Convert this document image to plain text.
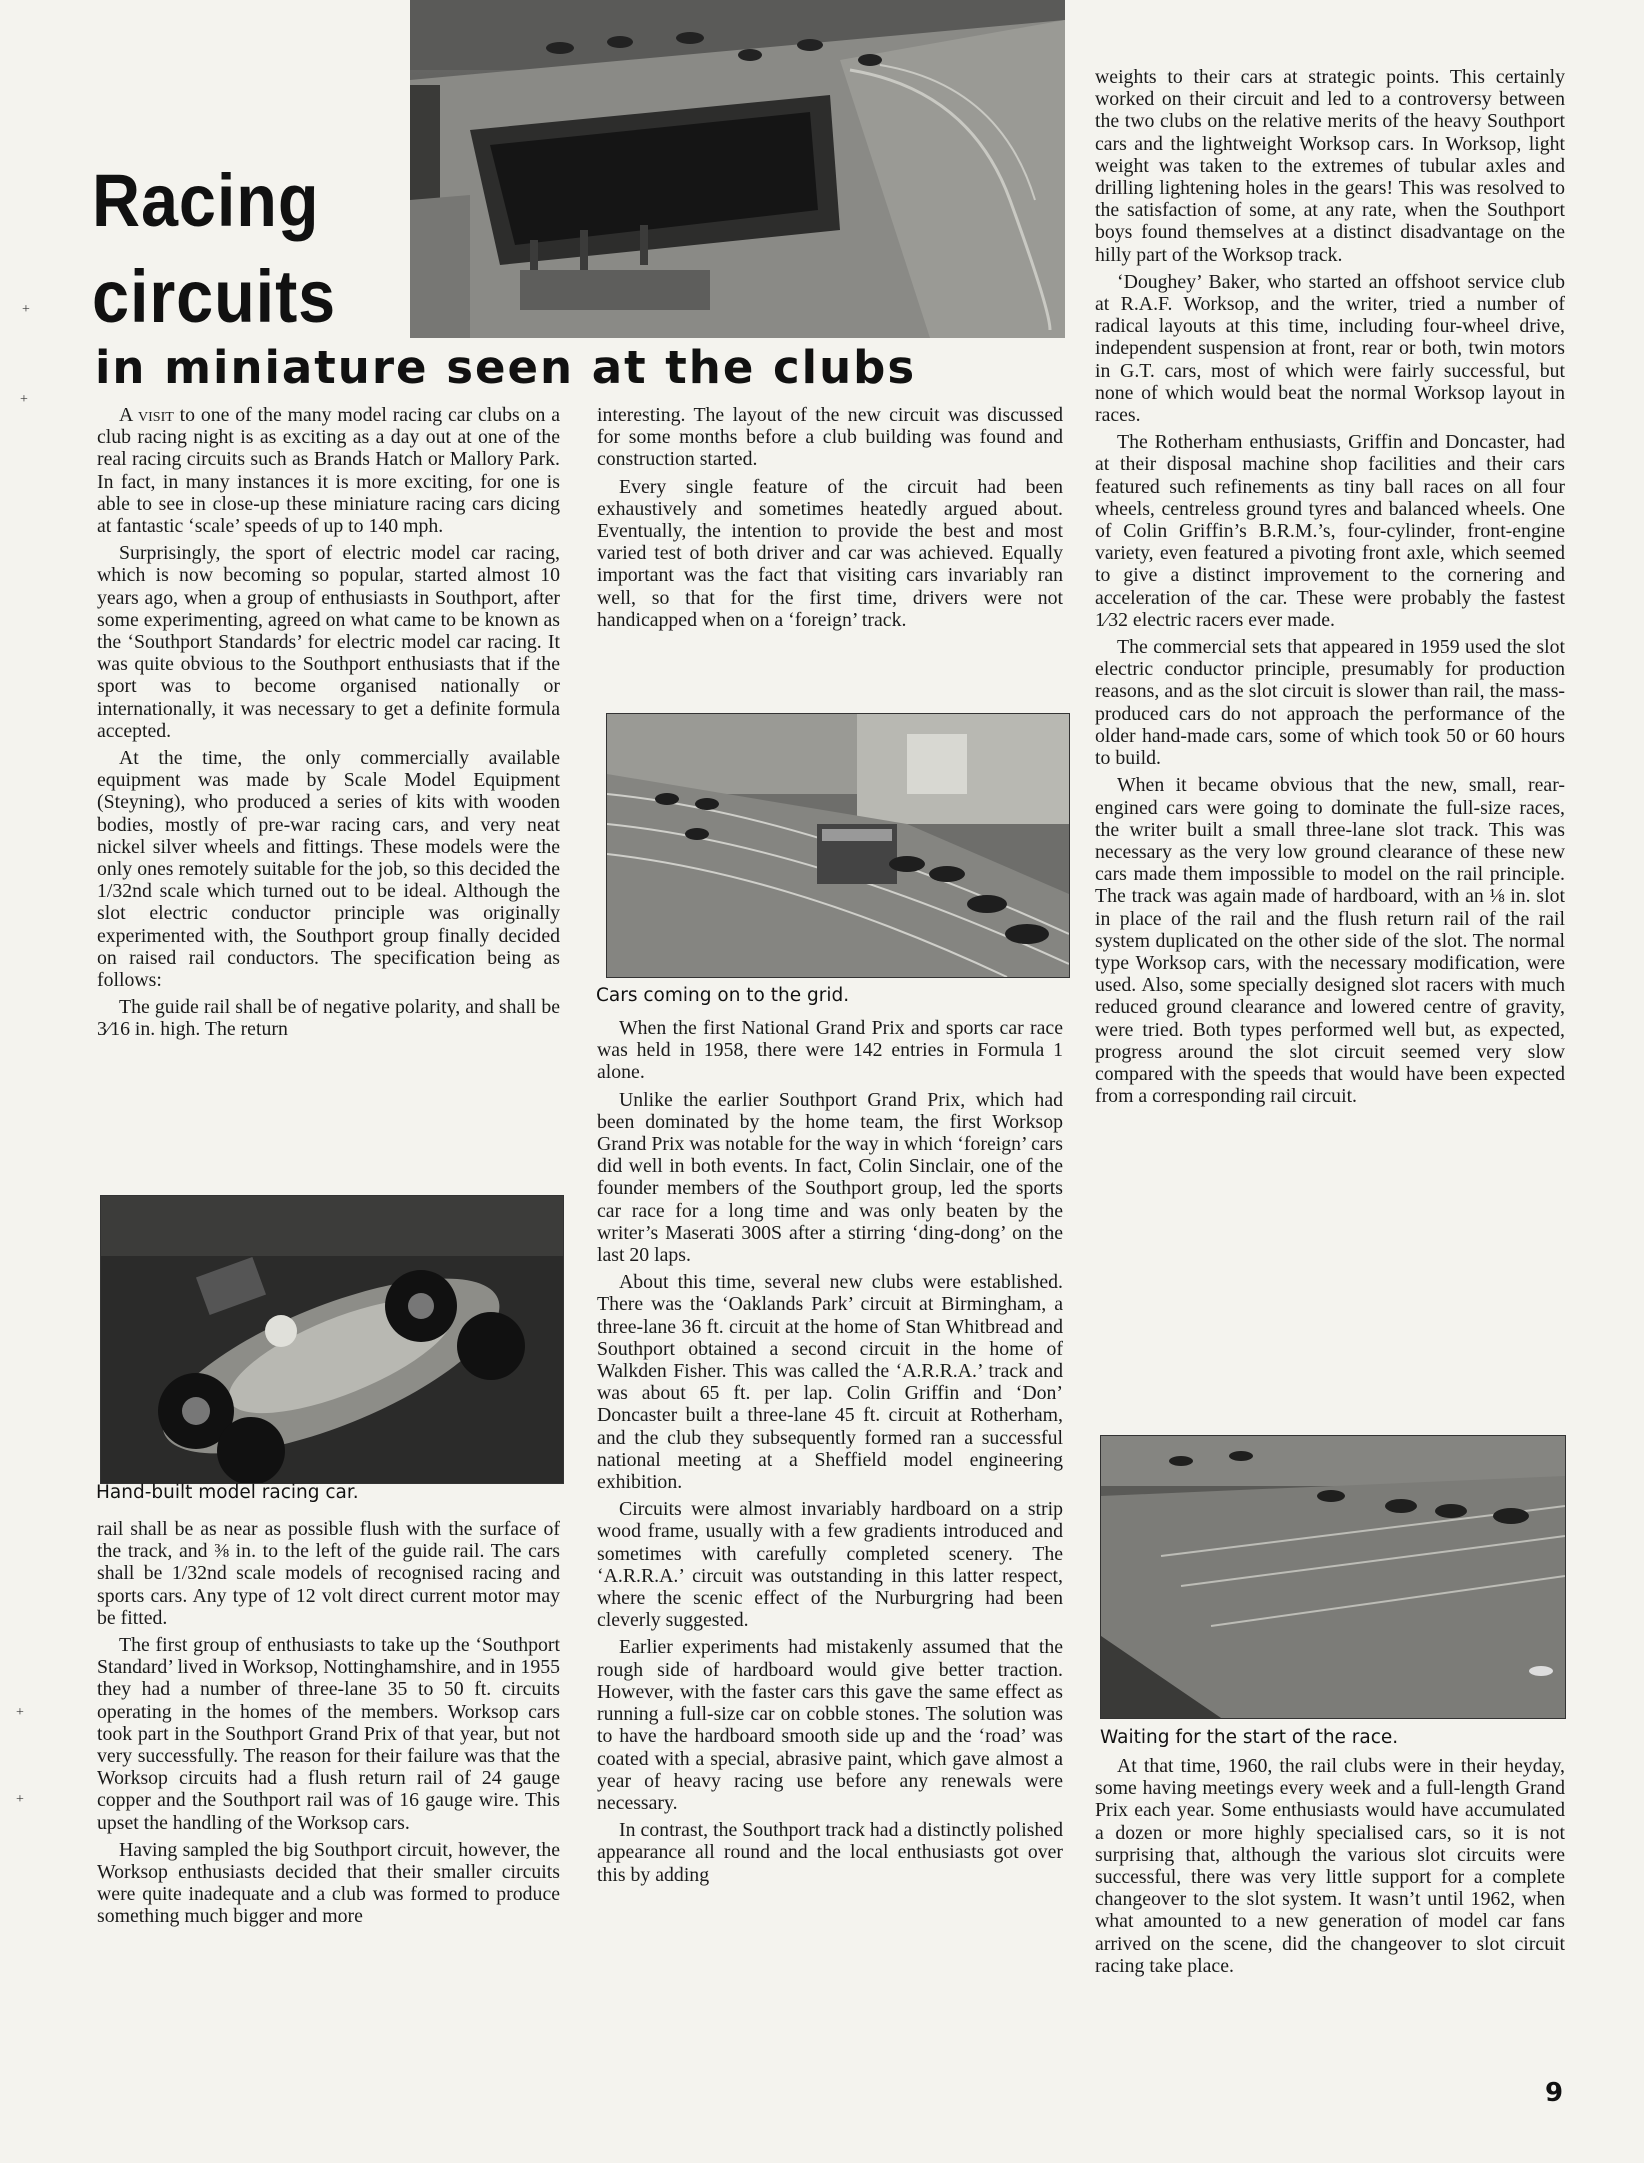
Racing
circuits
in miniature seen at the clubs

A visit to one of the many model racing car clubs on a club racing night is as exciting as a day out at one of the real racing circuits such as Brands Hatch or Mallory Park. In fact, in many instances it is more exciting, for one is able to see in close-up these miniature racing cars dicing at fantastic ‘scale’ speeds of up to 140 mph.

Surprisingly, the sport of electric model car racing, which is now becoming so popular, started almost 10 years ago, when a group of enthusiasts in Southport, after some experimenting, agreed on what came to be known as the ‘Southport Standards’ for electric model car racing. It was quite obvious to the Southport enthusiasts that if the sport was to become organised nationally or internationally, it was necessary to get a definite formula accepted.

At the time, the only commercially available equipment was made by Scale Model Equipment (Steyning), who produced a series of kits with wooden bodies, mostly of pre-war racing cars, and very neat nickel silver wheels and fittings. These models were the only ones remotely suitable for the job, so this decided the 1/32nd scale which turned out to be ideal. Although the slot electric conductor principle was originally experimented with, the Southport group finally decided on raised rail conductors. The specification being as follows:

The guide rail shall be of negative polarity, and shall be 3⁄16 in. high. The return

Hand-built model racing car.

rail shall be as near as possible flush with the surface of the track, and ⅜ in. to the left of the guide rail. The cars shall be 1/32nd scale models of recognised racing and sports cars. Any type of 12 volt direct current motor may be fitted.

The first group of enthusiasts to take up the ‘Southport Standard’ lived in Worksop, Nottinghamshire, and in 1955 they had a number of three-lane 35 to 50 ft. circuits operating in the homes of the members. Worksop cars took part in the Southport Grand Prix of that year, but not very successfully. The reason for their failure was that the Worksop circuits had a flush return rail of 24 gauge copper and the Southport rail was of 16 gauge wire. This upset the handling of the Worksop cars.

Having sampled the big Southport circuit, however, the Worksop enthusiasts decided that their smaller circuits were quite inadequate and a club was formed to produce something much bigger and more

interesting. The layout of the new circuit was discussed for some months before a club building was found and construction started.

Every single feature of the circuit had been exhaustively and sometimes heatedly argued about. Eventually, the intention to provide the best and most varied test of both driver and car was achieved. Equally important was the fact that visiting cars invariably ran well, so that for the first time, drivers were not handicapped when on a ‘foreign’ track.

Cars coming on to the grid.

When the first National Grand Prix and sports car race was held in 1958, there were 142 entries in Formula 1 alone.

Unlike the earlier Southport Grand Prix, which had been dominated by the home team, the first Worksop Grand Prix was notable for the way in which ‘foreign’ cars did well in both events. In fact, Colin Sinclair, one of the founder members of the Southport group, led the sports car race for a long time and was only beaten by the writer’s Maserati 300S after a stirring ‘ding-dong’ on the last 20 laps.

About this time, several new clubs were established. There was the ‘Oaklands Park’ circuit at Birmingham, a three-lane 36 ft. circuit at the home of Stan Whitbread and Southport obtained a second circuit in the home of Walkden Fisher. This was called the ‘A.R.R.A.’ track and was about 65 ft. per lap. Colin Griffin and ‘Don’ Doncaster built a three-lane 45 ft. circuit at Rotherham, and the club they subsequently formed ran a successful national meeting at a Sheffield model engineering exhibition.

Circuits were almost invariably hardboard on a strip wood frame, usually with a few gradients introduced and sometimes with carefully completed scenery. The ‘A.R.R.A.’ circuit was outstanding in this latter respect, where the scenic effect of the Nurburgring had been cleverly suggested.

Earlier experiments had mistakenly assumed that the rough side of hardboard would give better traction. However, with the faster cars this gave the same effect as running a full-size car on cobble stones. The solution was to have the hardboard smooth side up and the ‘road’ was coated with a special, abrasive paint, which gave almost a year of heavy racing use before any renewals were necessary.

In contrast, the Southport track had a distinctly polished appearance all round and the local enthusiasts got over this by adding

weights to their cars at strategic points. This certainly worked on their circuit and led to a controversy between the two clubs on the relative merits of the heavy Southport cars and the lightweight Worksop cars. In Worksop, light weight was taken to the extremes of tubular axles and drilling lightening holes in the gears! This was resolved to the satisfaction of some, at any rate, when the Southport boys found themselves at a distinct disadvantage on the hilly part of the Worksop track.

‘Doughey’ Baker, who started an offshoot service club at R.A.F. Worksop, and the writer, tried a number of radical layouts at this time, including four-wheel drive, independent suspension at front, rear or both, twin motors in G.T. cars, most of which were fairly successful, but none of which would beat the normal Worksop layout in races.

The Rotherham enthusiasts, Griffin and Doncaster, had at their disposal machine shop facilities and their cars featured such refinements as tiny ball races on all four wheels, centreless ground tyres and balanced wheels. One of Colin Griffin’s B.R.M.’s, four-cylinder, front-engine variety, even featured a pivoting front axle, which seemed to give a distinct improvement to the cornering and acceleration of the car. These were probably the fastest 1⁄32 electric racers ever made.

The commercial sets that appeared in 1959 used the slot electric conductor principle, presumably for production reasons, and as the slot circuit is slower than rail, the mass-produced cars do not approach the performance of the older hand-made cars, some of which took 50 or 60 hours to build.

When it became obvious that the new, small, rear-engined cars were going to dominate the full-size races, the writer built a small three-lane slot track. This was necessary as the very low ground clearance of these new cars made them impossible to model on the rail principle. The track was again made of hardboard, with an ⅛ in. slot in place of the rail and the flush return rail of the rail system duplicated on the other side of the slot. The normal type Worksop cars, with the necessary modification, were used. Also, some specially designed slot racers with much reduced ground clearance and lowered centre of gravity, were tried. Both types performed well but, as expected, progress around the slot circuit seemed very slow compared with the speeds that would have been expected from a corresponding rail circuit.

Waiting for the start of the race.

At that time, 1960, the rail clubs were in their heyday, some having meetings every week and a full-length Grand Prix each year. Some enthusiasts would have accumulated a dozen or more highly specialised cars, so it is not surprising that, although the various slot circuits were successful, there was very little support for a complete changeover to the slot system. It wasn’t until 1962, when what amounted to a new generation of model car fans arrived on the scene, did the changeover to slot circuit racing take place.

9
+
+
+
+
